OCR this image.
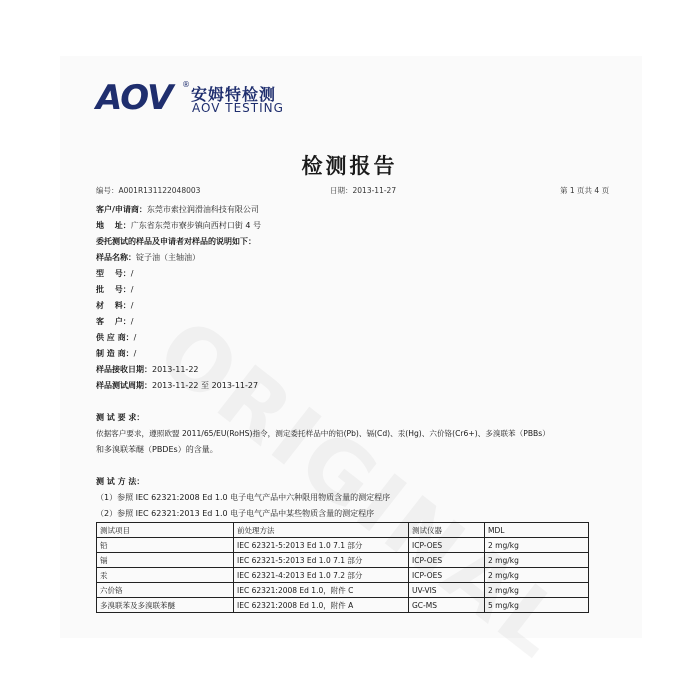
AOV ®
安姆特检测
AOV TESTING
检测报告
编号：A001R131122048003	日期：2013-11-27	第 1 页共 4 页
客户/申请商：东莞市索拉润滑油科技有限公司
地　 址：广东省东莞市寮步镇向西村口街 4 号
委托测试的样品及申请者对样品的说明如下：
样品名称：锭子油（主轴油）
型　 号：/
批　 号：/
材　 料：/
客　 户：/
供 应 商：/
制 造 商：/
样品接收日期：2013-11-22
样品测试周期：2013-11-22 至 2013-11-27
测 试 要 求：
依据客户要求，遵照欧盟 2011/65/EU(RoHS)指令，测定委托样品中的铅(Pb)、镉(Cd)、汞(Hg)、六价铬(Cr6+)、多溴联苯（PBBs）
和多溴联苯醚（PBDEs）的含量。
测 试 方 法：
（1）参照 IEC 62321:2008 Ed 1.0 电子电气产品中六种限用物质含量的测定程序
（2）参照 IEC 62321:2013 Ed 1.0 电子电气产品中某些物质含量的测定程序
测试项目	前处理方法	测试仪器	MDL
铅	IEC 62321-5:2013 Ed 1.0 7.1 部分	ICP-OES	2 mg/kg
镉	IEC 62321-5:2013 Ed 1.0 7.1 部分	ICP-OES	2 mg/kg
汞	IEC 62321-4:2013 Ed 1.0 7.2 部分	ICP-OES	2 mg/kg
六价铬	IEC 62321:2008 Ed 1.0，附件 C	UV-VIS	2 mg/kg
多溴联苯及多溴联苯醚	IEC 62321:2008 Ed 1.0，附件 A	GC-MS	5 mg/kg
